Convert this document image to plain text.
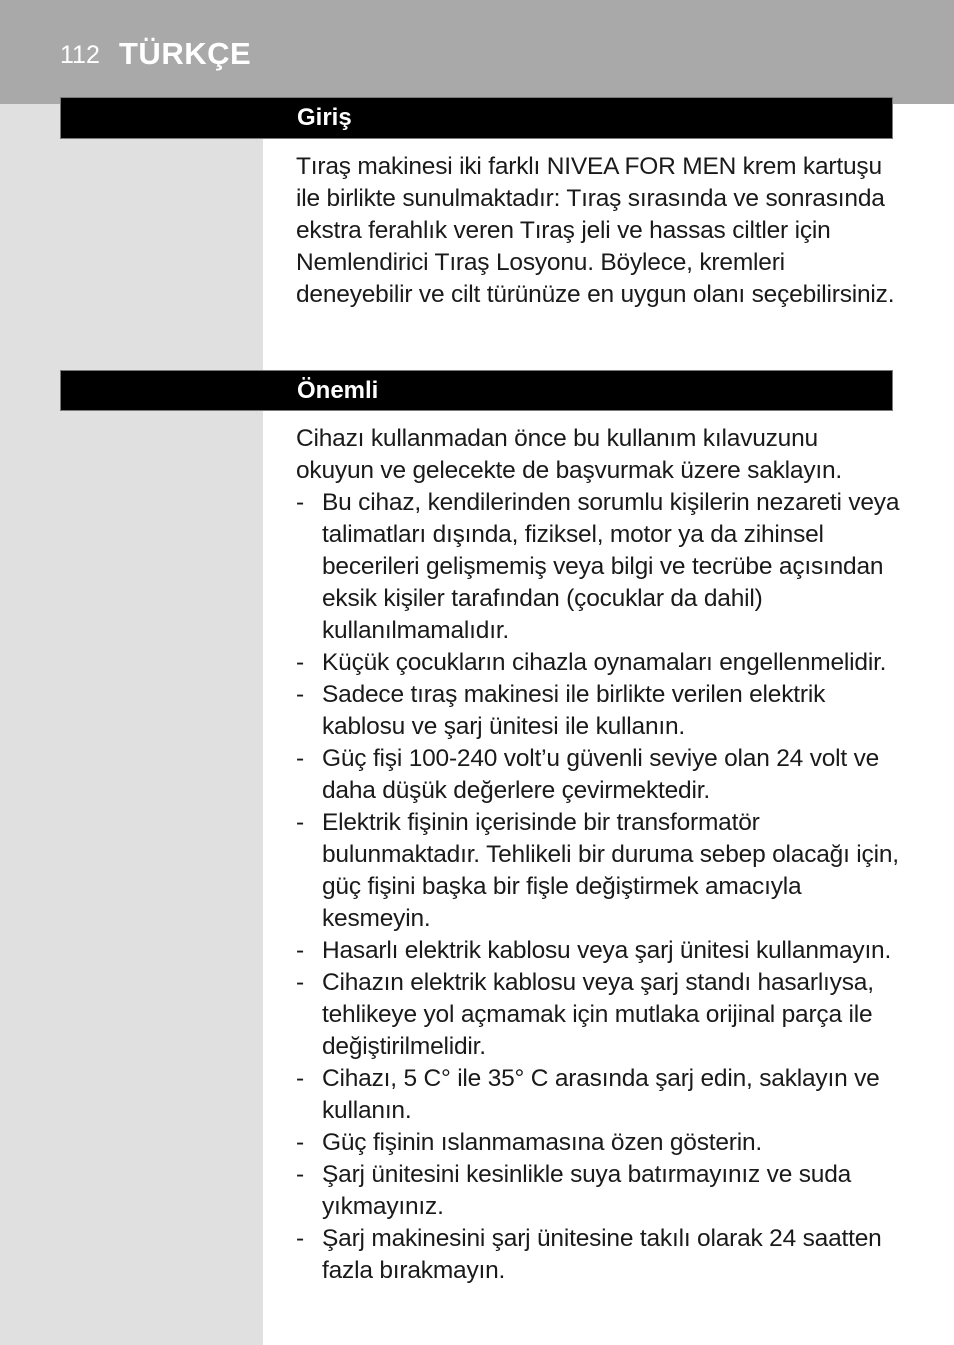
112 TÜRKÇE
Giriş

Tıraş makinesi iki farklı NIVEA FOR MEN krem kartuşu ile birlikte sunulmaktadır: Tıraş sırasında ve sonrasında ekstra ferahlık veren Tıraş jeli ve hassas ciltler için Nemlendirici Tıraş Losyonu. Böylece, kremleri deneyebilir ve cilt türünüze en uygun olanı seçebilirsiniz.

Önemli

Cihazı kullanmadan önce bu kullanım kılavuzunu okuyun ve gelecekte de başvurmak üzere saklayın.

- Bu cihaz, kendilerinden sorumlu kişilerin nezareti veya talimatları dışında, fiziksel, motor ya da zihinsel becerileri gelişmemiş veya bilgi ve tecrübe açısından eksik kişiler tarafından (çocuklar da dahil) kullanılmamalıdır.
- Küçük çocukların cihazla oynamaları engellenmelidir.
- Sadece tıraş makinesi ile birlikte verilen elektrik kablosu ve şarj ünitesi ile kullanın.
- Güç fişi 100-240 volt’u güvenli seviye olan 24 volt ve daha düşük değerlere çevirmektedir.
- Elektrik fişinin içerisinde bir transformatör bulunmaktadır. Tehlikeli bir duruma sebep olacağı için, güç fişini başka bir fişle değiştirmek amacıyla kesmeyin.
- Hasarlı elektrik kablosu veya şarj ünitesi kullanmayın.
- Cihazın elektrik kablosu veya şarj standı hasarlıysa, tehlikeye yol açmamak için mutlaka orijinal parça ile değiştirilmelidir.
- Cihazı, 5 C° ile 35° C arasında şarj edin, saklayın ve kullanın.
- Güç fişinin ıslanmamasına özen gösterin.
- Şarj ünitesini kesinlikle suya batırmayınız ve suda yıkmayınız.
- Şarj makinesini şarj ünitesine takılı olarak 24 saatten fazla bırakmayın.
